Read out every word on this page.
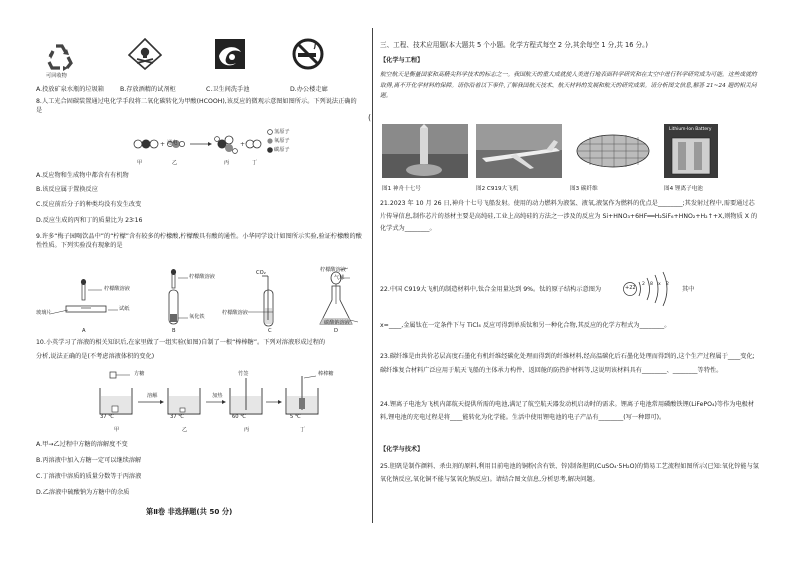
可回收物
A.投放矿泉水瓶的垃圾箱	B.存放酒精的试剂柜	C.卫生间洗手池	D.办公楼走廊
8.人工光合固碳装置通过电化学手段将二氧化碳转化为甲酸(HCOOH),该反应的微观示意图如图所示。下列说法正确的是
(
+	+
通电
氢原子
氧原子
碳原子
甲	乙	丙	丁
A.反应物和生成物中都含有有机物
B.该反应属于置换反应
C.反应前后分子的种类均没有发生改变
D.反应生成的丙和丁的质量比为 23∶16
9.许多“梅子园喝饮品中”的“柠檬”含有较多的柠檬酸,柠檬酸具有酸的通性。小华同学设计如图所示实验,验证柠檬酸的酸性性质。下列实验没有现象的是
玻璃片
柠檬酸溶液
试纸
柠檬酸溶液
氧化铁
CO₂
柠檬酸溶液
柠檬酸溶液
气球
碳酸钠溶液
A	B	C	D
10.小英学习了溶液的相关知识后,在家里做了一组实验(如图)自制了一根“棒棒糖”。下列对溶液形成过程的
分析,说法正确的是(不考虑溶液体积的变化)
方糖
溶解	加热
竹签	棒棒糖
37 ℃	37 ℃	60 ℃	5 ℃
甲	乙	丙	丁
A.甲→乙过程中方糖的溶解度不变
B.丙溶液中加入方糖一定可以继续溶解
C.丁溶液中溶质的质量分数等于丙溶液
D.乙溶液中硫酸钠为方糖中的余质
第Ⅱ卷 非选择题(共 50 分)
三、工程、技术应用题(本大题共 5 个小题。化学方程式每空 2 分,其余每空 1 分,共 16 分。)
【化学与工程】
航空航天是衡量国家和高精尖科学技术的标志之一。我国航天的重大成就使人类进行地表面科学研究和在太空中进行科学研究成为可能。这些成就的取得,离不开化学材料的保障。请你沿着以下事件,了解我国航天技术、航天材料的发展和航天的研究成果。请分析图文信息,解答 21~24 题的相关问题。
Lithium-Ion Battery
图1 神舟十七号	图2 C919大飞机	图3 碳纤维	图4 锂离子电池
21.2023 年 10 月 26 日,神舟十七号飞船发射。使用的动力燃料为液氢、液氧,液氢作为燃料的优点是________;其发射过程中,需要通过芯片传导信息,制作芯片的基材主要是高纯硅,工业上高纯硅的方法之一涉及的反应为 Si+HNO₃+6HF══H₂SiF₆+HNO₂+H₂↑+X,则物质 X 的化学式为________。
22.中国 C919大飞机的制造材料中,钛合金用量达到 9%。钛的原子结构示意图为	+22
2 8 x 2
其中
x=____,金属钛在一定条件下与 TiCl₄ 反应可得到单质钛和另一种化合物,其反应的化学方程式为________。
23.碳纤维是由共价芯层高度石墨化有机纤维经碳化处理而得到的纤维材料,经高温碳化后石墨化处理而得到的,这个生产过程属于____变化;碳纤维复合材料广泛应用于航天飞船的主体承力构件、返回舱的防热护材料等,这说明该材料具有________、________等特性。
24.锂离子电池为飞机内部航天提供所需的电池,满足了航空航天器发动机启动时的需求。锂离子电池常用磷酸铁锂(LiFePO₄)等作为电极材料,锂电池的充电过程是将____能转化为化学能。生活中使用锂电池的电子产品有________(写一种即可)。
【化学与技术】
25.胆矾是制作颜料、杀虫剂的原料,利用目前电池的铜粉(含有铁、锌)制备胆矾(CuSO₄·5H₂O)的简易工艺流程如图所示(已知:氧化锌能与氢氧化钠反应,氧化铜不能与氢氧化钠反应)。请结合图文信息,分析思考,解决问题。
